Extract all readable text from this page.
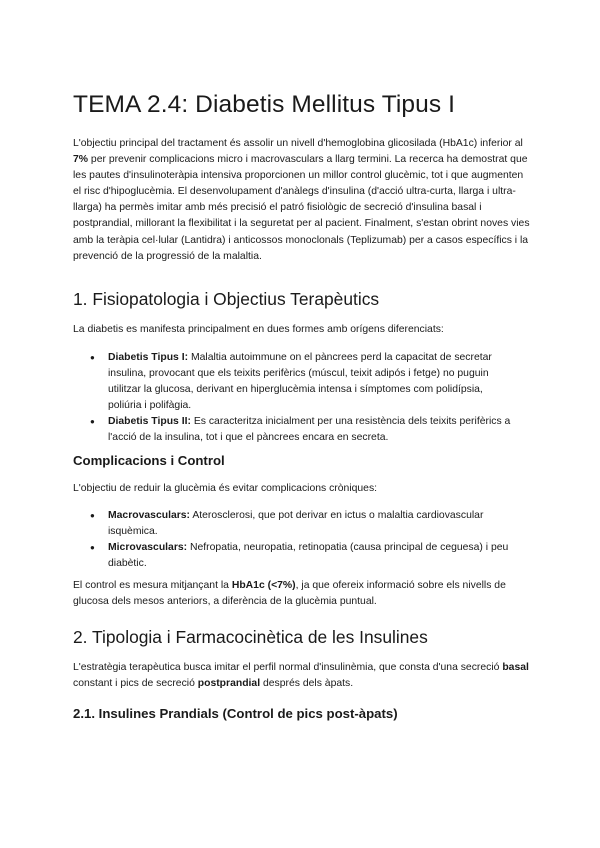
TEMA 2.4: Diabetis Mellitus Tipus I

L'objectiu principal del tractament és assolir un nivell d'hemoglobina glicosilada (HbA1c) inferior al 7% per prevenir complicacions micro i macrovasculars a llarg termini. La recerca ha demostrat que les pautes d'insulinoteràpia intensiva proporcionen un millor control glucèmic, tot i que augmenten el risc d'hipoglucèmia. El desenvolupament d'anàlegs d'insulina (d'acció ultra-curta, llarga i ultra-llarga) ha permès imitar amb més precisió el patró fisiològic de secreció d'insulina basal i postprandial, millorant la flexibilitat i la seguretat per al pacient. Finalment, s'estan obrint noves vies amb la teràpia cel·lular (Lantidra) i anticossos monoclonals (Teplizumab) per a casos específics i la prevenció de la progressió de la malaltia.

1. Fisiopatologia i Objectius Terapèutics

La diabetis es manifesta principalment en dues formes amb orígens diferenciats:

● Diabetis Tipus I: Malaltia autoimmune on el pàncrees perd la capacitat de secretar insulina, provocant que els teixits perifèrics (múscul, teixit adipós i fetge) no puguin utilitzar la glucosa, derivant en hiperglucèmia intensa i símptomes com polidípsia, poliúria i polifàgia.
● Diabetis Tipus II: Es caracteritza inicialment per una resistència dels teixits perifèrics a l'acció de la insulina, tot i que el pàncrees encara en secreta.
Complicacions i Control

L'objectiu de reduir la glucèmia és evitar complicacions cròniques:

● Macrovasculars: Aterosclerosi, que pot derivar en ictus o malaltia cardiovascular isquèmica.
● Microvasculars: Nefropatia, neuropatia, retinopatia (causa principal de ceguesa) i peu diabètic.

El control es mesura mitjançant la HbA1c (<7%), ja que ofereix informació sobre els nivells de glucosa dels mesos anteriors, a diferència de la glucèmia puntual.

2. Tipologia i Farmacocinètica de les Insulines

L'estratègia terapèutica busca imitar el perfil normal d'insulinèmia, que consta d'una secreció basal constant i pics de secreció postprandial després dels àpats.

2.1. Insulines Prandials (Control de pics post-àpats)
